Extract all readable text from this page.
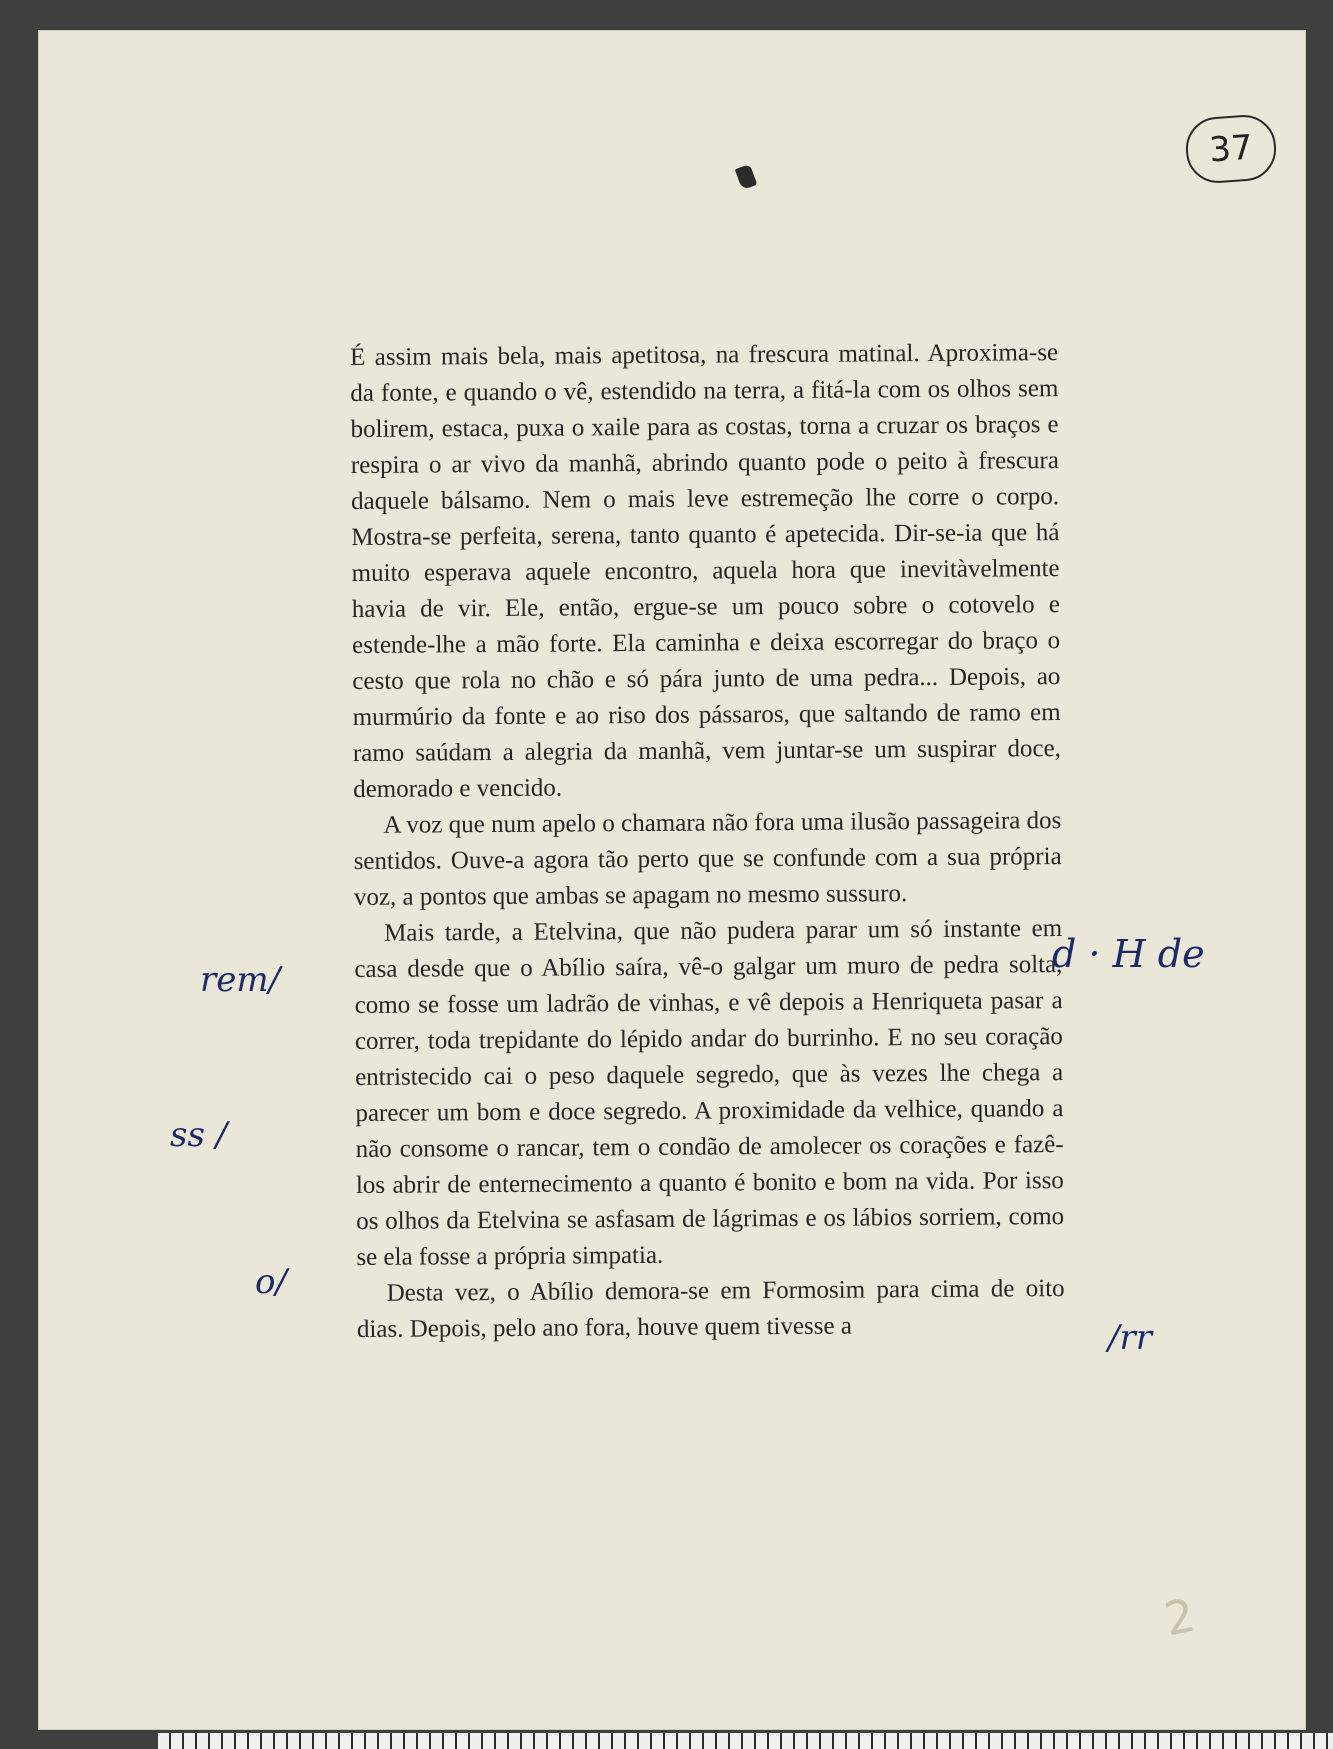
37

É assim mais bela, mais apetitosa, na frescura matinal. Aproxima-se da fonte, e quando o vê, estendido na terra, a fitá-la com os olhos sem bolirem, estaca, puxa o xaile para as costas, torna a cruzar os braços e respira o ar vivo da manhã, abrindo quanto pode o peito à frescura daquele bálsamo. Nem o mais leve estremeção lhe corre o corpo. Mostra-se perfeita, serena, tanto quanto é apetecida. Dir-se-ia que há muito esperava aquele encontro, aquela hora que inevitàvelmente havia de vir. Ele, então, ergue-se um pouco sobre o cotovelo e estende-lhe a mão forte. Ela caminha e deixa escorregar do braço o cesto que rola no chão e só pára junto de uma pedra... Depois, ao murmúrio da fonte e ao riso dos pássaros, que saltando de ramo em ramo saúdam a alegria da manhã, vem juntar-se um suspirar doce, demorado e vencido.

A voz que num apelo o chamara não fora uma ilusão passageira dos sentidos. Ouve-a agora tão perto que se confunde com a sua própria voz, a pontos que ambas se apagam no mesmo sussuro.

Mais tarde, a Etelvina, que não pudera parar um só instante em casa desde que o Abílio saíra, vê-o galgar um muro de pedra solta, como se fosse um ladrão de vinhas, e vê depois a Henriqueta pasar a correr, toda trepidante do lépido andar do burrinho. E no seu coração entristecido cai o peso daquele segredo, que às vezes lhe chega a parecer um bom e doce segredo. A proximidade da velhice, quando a não consome o rancar, tem o condão de amolecer os corações e fazê-los abrir de enternecimento a quanto é bonito e bom na vida. Por isso os olhos da Etelvina se asfasam de lágrimas e os lábios sorriem, como se ela fosse a própria simpatia.

Desta vez, o Abílio demora-se em Formosim para cima de oito dias. Depois, pelo ano fora, houve quem tivesse a

rem/
ss /
o/
d · H de
/rr
2
